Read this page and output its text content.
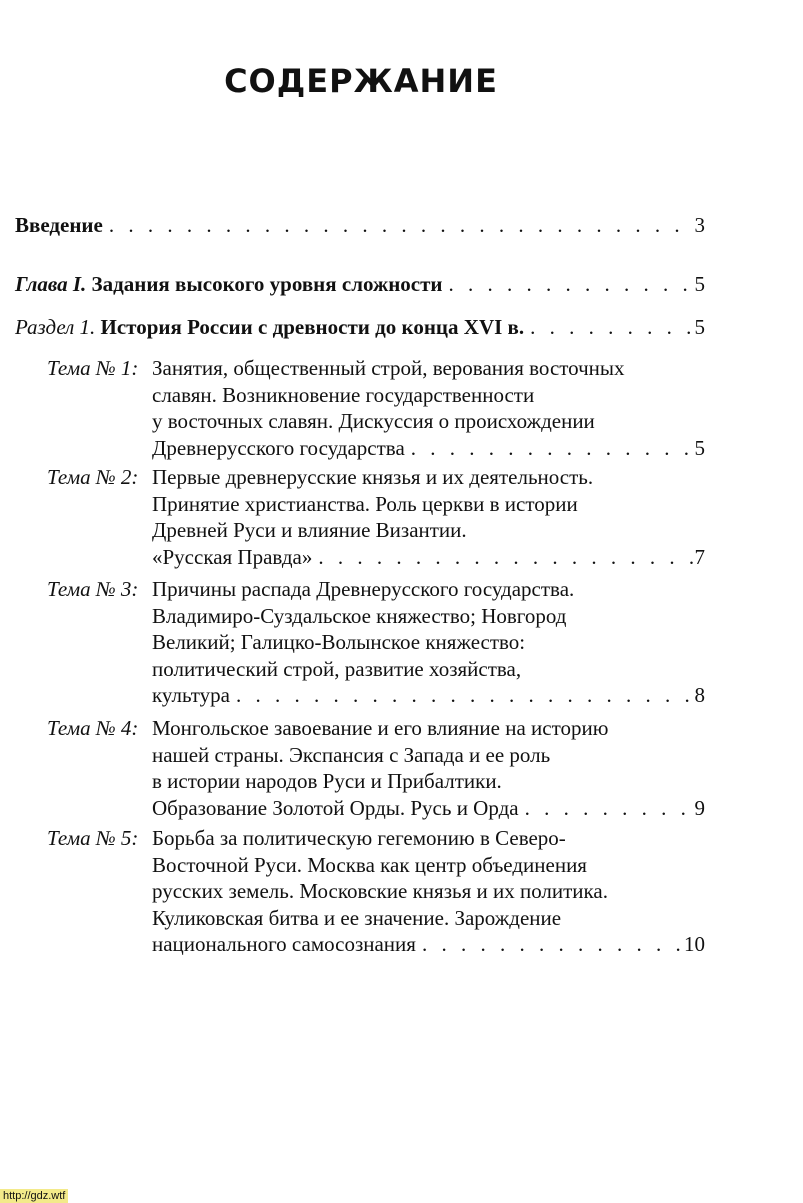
СОДЕРЖАНИЕ
Введение . . .	3
Глава I. Задания высокого уровня сложности . . .	5
Раздел 1.
История России с древности до конца XVI в. . . .	5
Тема № 1: Занятия, общественный строй, верования восточных
славян. Возникновение государственности
у восточных славян. Дискуссия о происхождении
Древнерусского государства . . .	5
Тема № 2: Первые древнерусские князья и их деятельность.
Принятие христианства. Роль церкви в истории
Древней Руси и влияние Византии.
«Русская Правда» . . .	7
Тема № 3: Причины распада Древнерусского государства.
Владимиро-Суздальское княжество; Новгород
Великий; Галицко-Волынское княжество:
политический строй, развитие хозяйства,
культура . . .	8
Тема № 4: Монгольское завоевание и его влияние на историю
нашей страны. Экспансия с Запада и ее роль
в истории народов Руси и Прибалтики.
Образование Золотой Орды. Русь и Орда . . .	9
Тема № 5: Борьба за политическую гегемонию в Северо-
Восточной Руси. Москва как центр объединения
русских земель. Московские князья и их политика.
Куликовская битва и ее значение. Зарождение
национального самосознания . . .	10
http://gdz.wtf
